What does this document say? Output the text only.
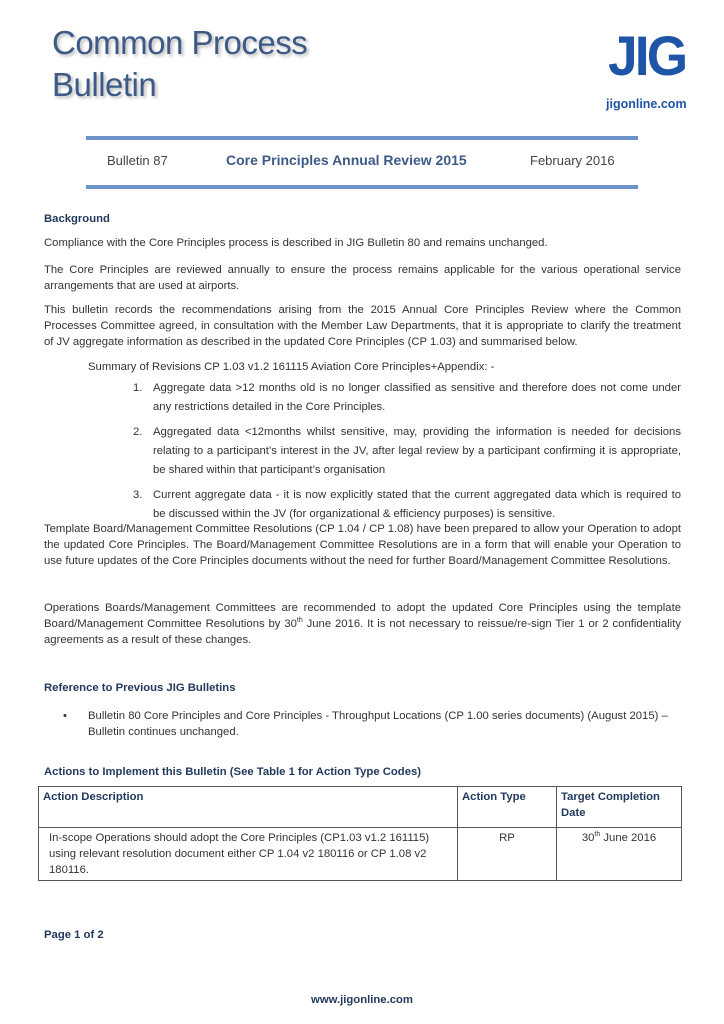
Common Process
Bulletin	JIG
jigonline.com
Bulletin 87	Core Principles Annual Review 2015	February 2016
Background

Compliance with the Core Principles process is described in JIG Bulletin 80 and remains unchanged.

The Core Principles are reviewed annually to ensure the process remains applicable for the various operational service arrangements that are used at airports.

This bulletin records the recommendations arising from the 2015 Annual Core Principles Review where the Common Processes Committee agreed, in consultation with the Member Law Departments, that it is appropriate to clarify the treatment of JV aggregate information as described in the updated Core Principles (CP 1.03) and summarised below.

Summary of Revisions CP 1.03 v1.2 161115 Aviation Core Principles+Appendix: -

1. Aggregate data >12 months old is no longer classified as sensitive and therefore does not come under any restrictions detailed in the Core Principles.
2. Aggregated data <12months whilst sensitive, may, providing the information is needed for decisions relating to a participant’s interest in the JV, after legal review by a participant confirming it is appropriate, be shared within that participant’s organisation
3. Current aggregate data - it is now explicitly stated that the current aggregated data which is required to be discussed within the JV (for organizational & efficiency purposes) is sensitive.

Template Board/Management Committee Resolutions (CP 1.04 / CP 1.08) have been prepared to allow your Operation to adopt the updated Core Principles. The Board/Management Committee Resolutions are in a form that will enable your Operation to use future updates of the Core Principles documents without the need for further Board/Management Committee Resolutions.

Operations Boards/Management Committees are recommended to adopt the updated Core Principles using the template Board/Management Committee Resolutions by 30th June 2016. It is not necessary to reissue/re-sign Tier 1 or 2 confidentiality agreements as a result of these changes.

Reference to Previous JIG Bulletins
• Bulletin 80 Core Principles and Core Principles - Throughput Locations (CP 1.00 series documents) (August 2015) – Bulletin continues unchanged.

Actions to Implement this Bulletin (See Table 1 for Action Type Codes)
Action Description	Action Type	Target Completion Date
In-scope Operations should adopt the Core Principles (CP1.03 v1.2 161115) using relevant resolution document either CP 1.04 v2 180116 or CP 1.08 v2 180116.	RP	30th June 2016
Page 1 of 2
www.jigonline.com
